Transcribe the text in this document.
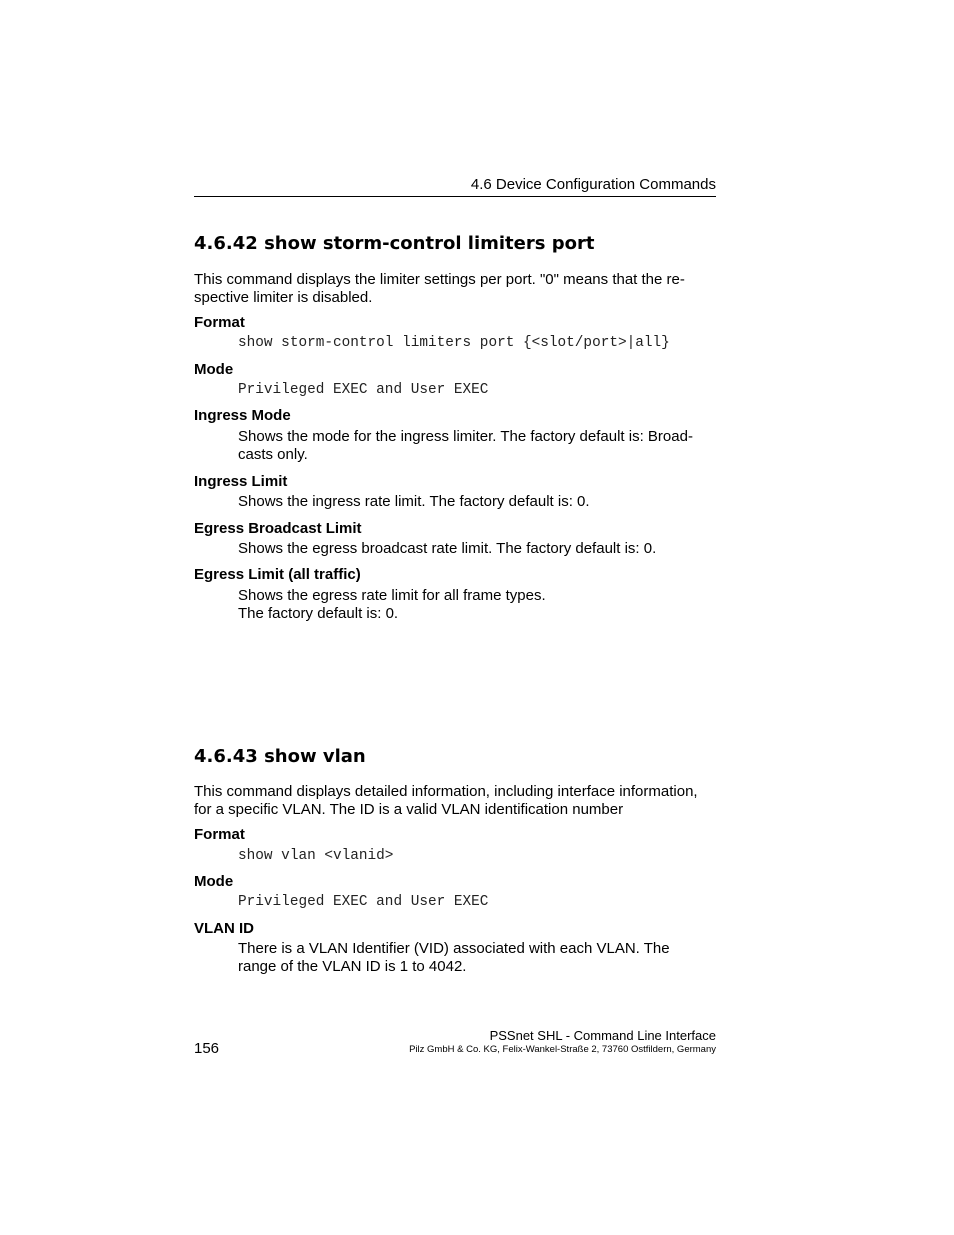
4.6 Device Configuration Commands
4.6.42 show storm-control limiters port

This command displays the limiter settings per port. "0" means that the re-
spective limiter is disabled.

Format
show storm-control limiters port {<slot/port>|all}
Mode
Privileged EXEC and User EXEC
Ingress Mode

Shows the mode for the ingress limiter. The factory default is: Broad-
casts only.

Ingress Limit

Shows the ingress rate limit. The factory default is: 0.

Egress Broadcast Limit

Shows the egress broadcast rate limit. The factory default is: 0.

Egress Limit (all traffic)

Shows the egress rate limit for all frame types.
The factory default is: 0.

4.6.43 show vlan

This command displays detailed information, including interface information,
for a specific VLAN. The ID is a valid VLAN identification number

Format
show vlan <vlanid>
Mode
Privileged EXEC and User EXEC
VLAN ID

There is a VLAN Identifier (VID) associated with each VLAN. The
range of the VLAN ID is 1 to 4042.

156
PSSnet SHL - Command Line Interface
Pilz GmbH & Co. KG, Felix-Wankel-Straße 2, 73760 Ostfildern, Germany
